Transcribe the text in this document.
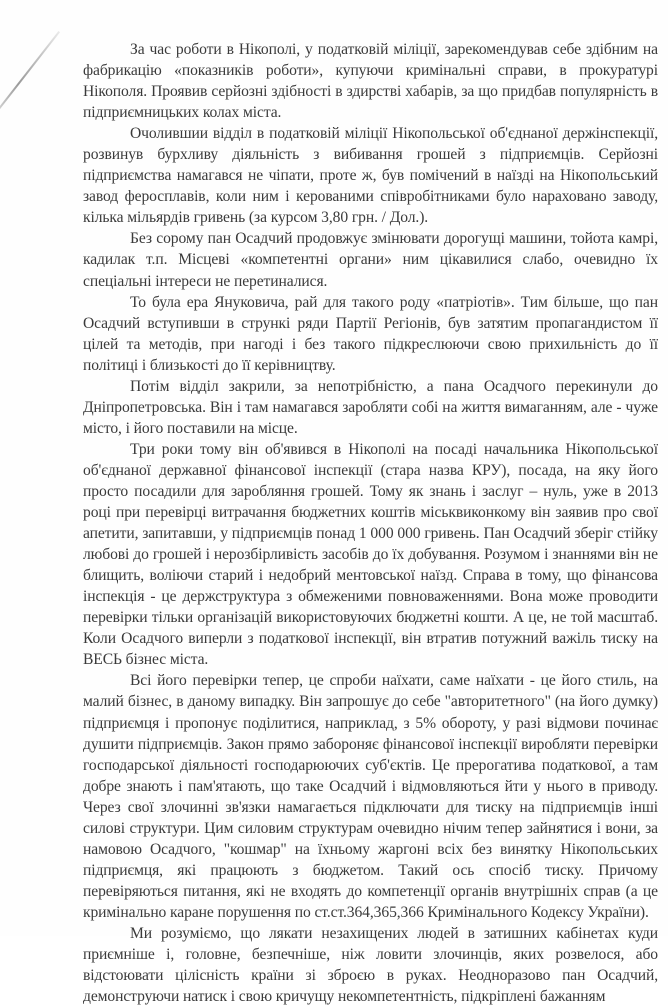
За час роботи в Нікополі, у податковій міліції, зарекомендував себе здібним на фабрикацію «показників роботи», купуючи кримінальні справи, в прокуратурі Нікополя. Проявив серйозні здібності в здирстві хабарів, за що придбав популярність в підприємницьких колах міста.

Очолившии відділ в податковій міліції Нікопольської об'єднаної держінспекції, розвинув бурхливу діяльність з вибивання грошей з підприємців. Серйозні підприємства намагався не чіпати, проте ж, був помічений в наїзді на Нікопольський завод феросплавів, коли ним і керованими співробітниками було нараховано заводу, кілька мільярдів гривень (за курсом 3,80 грн. / Дол.).

Без сорому пан Осадчий продовжує змінювати дорогущі машини, тойота камрі, кадилак т.п. Місцеві «компетентні органи» ним цікавилися слабо, очевидно їх спеціальні інтереси не перетиналися.

То була ера Януковича, рай для такого роду «патріотів». Тим більше, що пан Осадчий вступивши в стрункі ряди Партії Регіонів, був затятим пропагандистом її цілей та методів, при нагоді і без такого підкреслюючи свою прихильність до її політиці і близькості до її керівництву.

Потім відділ закрили, за непотрібністю, а пана Осадчого перекинули до Дніпропетровська. Він і там намагався заробляти собі на життя вимаганням, але - чуже місто, і його поставили на місце.

Три роки тому він об'явився в Нікополі на посаді начальника Нікопольської об'єднаної державної фінансової інспекції (стара назва КРУ), посада, на яку його просто посадили для заробляння грошей. Тому як знань і заслуг – нуль, уже в 2013 році при перевірці витрачання бюджетних коштів міськвиконкому він заявив про свої апетити, запитавши, у підприємців понад 1 000 000 гривень. Пан Осадчий зберіг стійку любові до грошей і нерозбірливість засобів до їх добування. Розумом і знаннями він не блищить, воліючи старий і недобрий ментовської наїзд. Справа в тому, що фінансова інспекція - це держструктура з обмеженими повноваженнями. Вона може проводити перевірки тільки організацій використовуючих бюджетні кошти. А це, не той масштаб. Коли Осадчого виперли з податкової інспекції, він втратив потужний важіль тиску на ВЕСЬ бізнес міста.

Всі його перевірки тепер, це спроби наїхати, саме наїхати - це його стиль, на малий бізнес, в даному випадку. Він запрошує до себе "авторитетного" (на його думку) підприємця і пропонує поділитися, наприклад, з 5% обороту, у разі відмови починає душити підприємців. Закон прямо забороняє фінансової інспекції виробляти перевірки господарської діяльності господарюючих суб'єктів. Це прерогатива податкової, а там добре знають і пам'ятають, що таке Осадчий і відмовляються йти у нього в приводу. Через свої злочинні зв'язки намагається підключати для тиску на підприємців інші силові структури. Цим силовим структурам очевидно нічим тепер зайнятися і вони, за намовою Осадчого, "кошмар" на їхньому жаргоні всіх без винятку Нікопольських підприємця, які працюють з бюджетом. Такий ось спосіб тиску. Причому перевіряються питання, які не входять до компетенції органів внутрішніх справ (а це кримінально каране порушення по ст.ст.364,365,366 Кримінального Кодексу України).

Ми розуміємо, що лякати незахищених людей в затишних кабінетах куди приємніше і, головне, безпечніше, ніж ловити злочинців, яких розвелося, або відстоювати цілісність країни зі зброєю в руках. Неодноразово пан Осадчий, демонструючи натиск і свою кричущу некомпетентність, підкріплені бажанням
